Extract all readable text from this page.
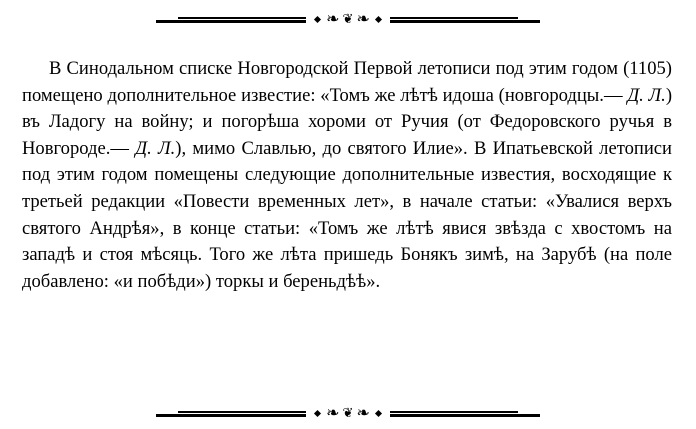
❧ ❦ ❧

В Синодальном списке Новгородской Первой летописи под этим годом (1105) помещено дополнительное известие: «Томъ же лѣтѣ идоша (новгородцы.— Д. Л.) въ Ладогу на войну; и погорѣша хороми от Ручия (от Федоровского ручья в Новгороде.— Д. Л.), мимо Славлью, до святого Илие». В Ипатьевской летописи под этим годом помещены следующие дополнительные известия, восходящие к третьей редакции «Повести временных лет», в начале статьи: «Увалися верхъ святого Андрѣя», в конце статьи: «Томъ же лѣтѣ явися звѣзда с хвостомъ на западѣ и стоя мѣсяць. Того же лѣта пришедь Бонякъ зимѣ, на Зарубѣ (на поле добавлено: «и побѣди») торкы и береньдѣѣ».

❧ ❦ ❧
